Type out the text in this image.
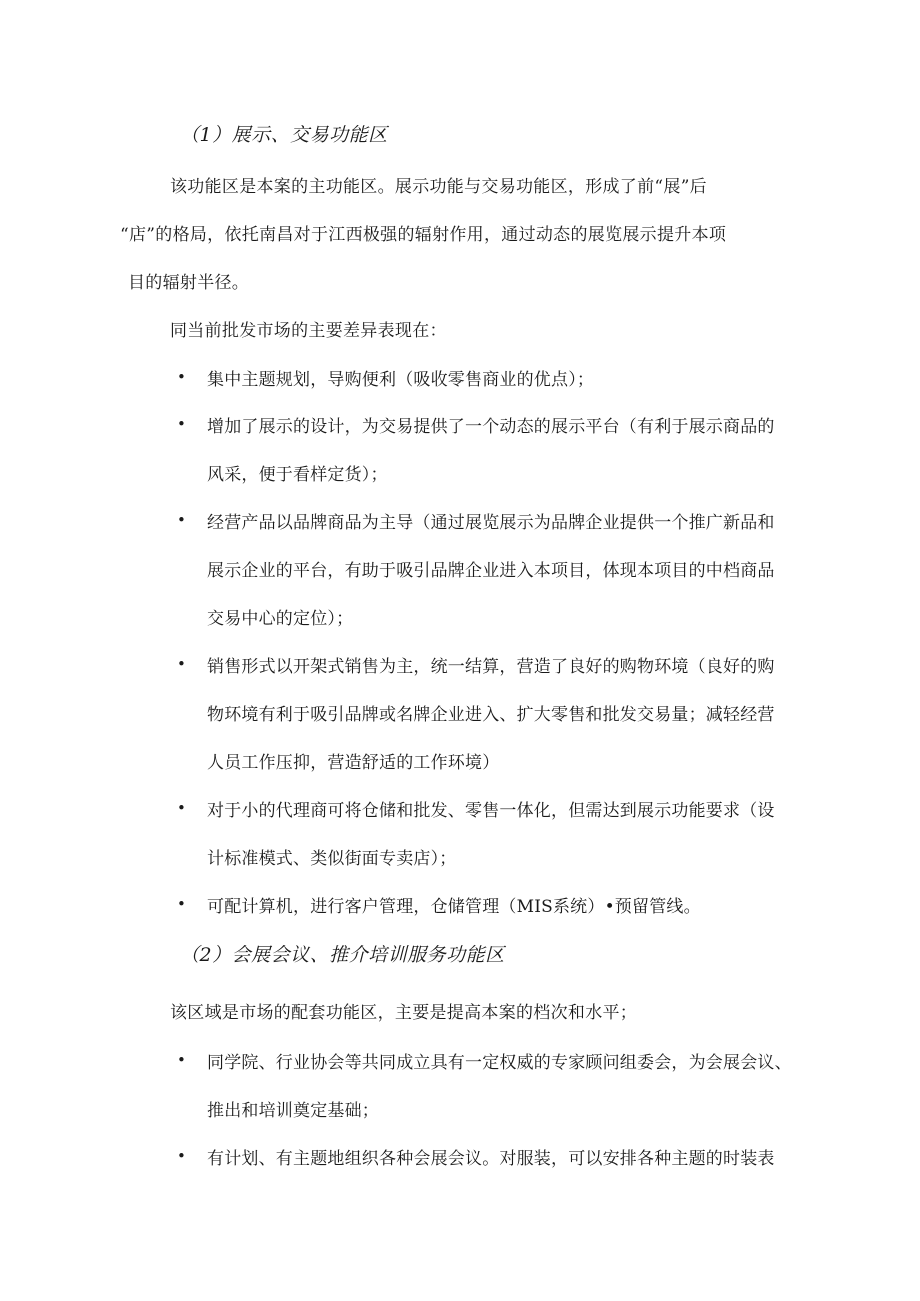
（1）展示、交易功能区
该功能区是本案的主功能区。展示功能与交易功能区，形成了前“展”后
“店”的格局，依托南昌对于江西极强的辐射作用，通过动态的展览展示提升本项
目的辐射半径。
同当前批发市场的主要差异表现在：
• 集中主题规划，导购便利（吸收零售商业的优点）；
• 增加了展示的设计，为交易提供了一个动态的展示平台（有利于展示商品的
风采，便于看样定货）；
• 经营产品以品牌商品为主导（通过展览展示为品牌企业提供一个推广新品和
展示企业的平台，有助于吸引品牌企业进入本项目，体现本项目的中档商品
交易中心的定位）；
• 销售形式以开架式销售为主，统一结算，营造了良好的购物环境（良好的购
物环境有利于吸引品牌或名牌企业进入、扩大零售和批发交易量；减轻经营
人员工作压抑，营造舒适的工作环境）
• 对于小的代理商可将仓储和批发、零售一体化，但需达到展示功能要求（设
计标准模式、类似街面专卖店）；
• 可配计算机，进行客户管理，仓储管理（MIS系统）•预留管线。
（2）会展会议、推介培训服务功能区
该区域是市场的配套功能区，主要是提高本案的档次和水平；
• 同学院、行业协会等共同成立具有一定权威的专家顾问组委会，为会展会议、
推出和培训奠定基础；
• 有计划、有主题地组织各种会展会议。对服装，可以安排各种主题的时装表
